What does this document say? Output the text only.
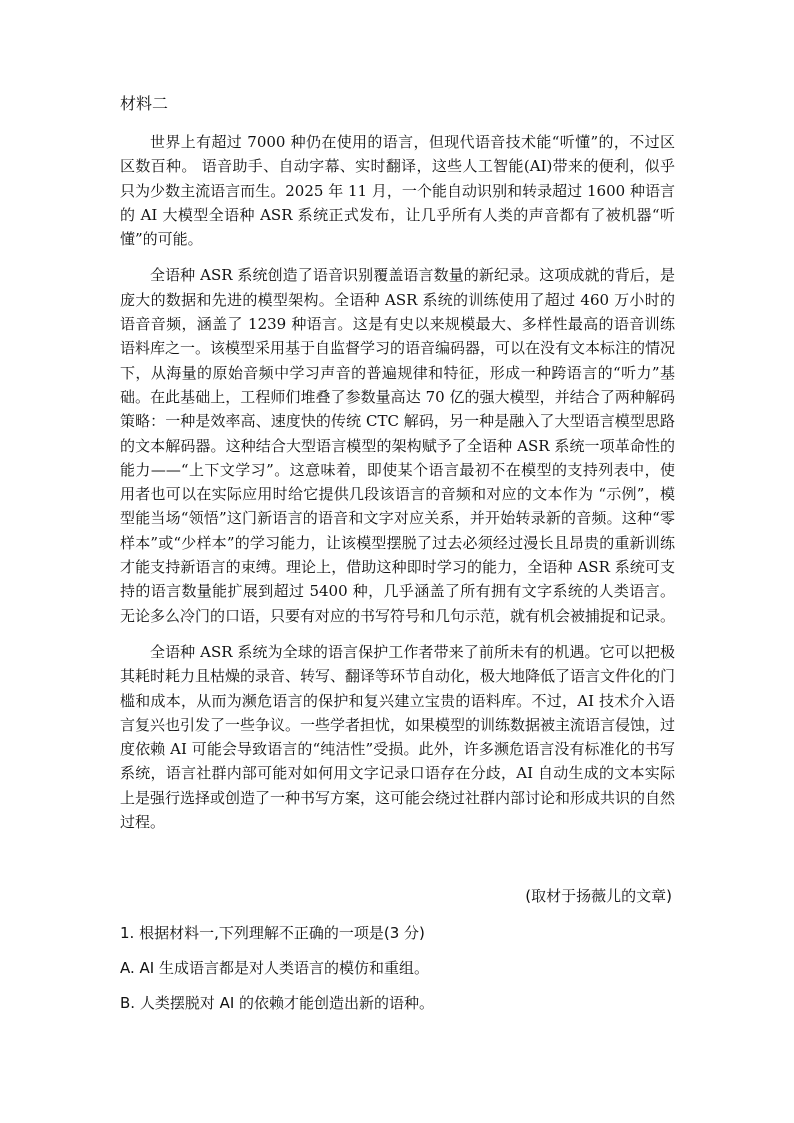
材料二

世界上有超过 7000 种仍在使用的语言，但现代语音技术能“听懂”的，不过区区数百种。 语音助手、自动字幕、实时翻译，这些人工智能(AI)带来的便利，似乎只为少数主流语言而生。2025 年 11 月，一个能自动识别和转录超过 1600 种语言的 AI 大模型全语种 ASR 系统正式发布，让几乎所有人类的声音都有了被机器“听懂”的可能。

全语种 ASR 系统创造了语音识别覆盖语言数量的新纪录。这项成就的背后，是庞大的数据和先进的模型架构。全语种 ASR 系统的训练使用了超过 460 万小时的语音音频，涵盖了 1239 种语言。这是有史以来规模最大、多样性最高的语音训练语料库之一。该模型采用基于自监督学习的语音编码器，可以在没有文本标注的情况下，从海量的原始音频中学习声音的普遍规律和特征，形成一种跨语言的“听力”基础。在此基础上，工程师们堆叠了参数量高达 70 亿的强大模型，并结合了两种解码策略：一种是效率高、速度快的传统 CTC 解码，另一种是融入了大型语言模型思路的文本解码器。这种结合大型语言模型的架构赋予了全语种 ASR 系统一项革命性的能力——“上下文学习”。这意味着，即使某个语言最初不在模型的支持列表中，使用者也可以在实际应用时给它提供几段该语言的音频和对应的文本作为 “示例”，模型能当场“领悟”这门新语言的语音和文字对应关系，并开始转录新的音频。这种“零样本”或“少样本”的学习能力，让该模型摆脱了过去必须经过漫长且昂贵的重新训练才能支持新语言的束缚。理论上，借助这种即时学习的能力，全语种 ASR 系统可支持的语言数量能扩展到超过 5400 种，几乎涵盖了所有拥有文字系统的人类语言。无论多么冷门的口语，只要有对应的书写符号和几句示范，就有机会被捕捉和记录。

全语种 ASR 系统为全球的语言保护工作者带来了前所未有的机遇。它可以把极其耗时耗力且枯燥的录音、转写、翻译等环节自动化，极大地降低了语言文件化的门槛和成本，从而为濒危语言的保护和复兴建立宝贵的语料库。不过，AI 技术介入语言复兴也引发了一些争议。一些学者担忧，如果模型的训练数据被主流语言侵蚀，过度依赖 AI 可能会导致语言的“纯洁性”受损。此外，许多濒危语言没有标准化的书写系统，语言社群内部可能对如何用文字记录口语存在分歧，AI 自动生成的文本实际上是强行选择或创造了一种书写方案，这可能会绕过社群内部讨论和形成共识的自然过程。

(取材于扬薇儿的文章)
1. 根据材料一,下列理解不正确的一项是(3 分)
A. AI 生成语言都是对人类语言的模仿和重组。
B. 人类摆脱对 AI 的依赖才能创造出新的语种。
